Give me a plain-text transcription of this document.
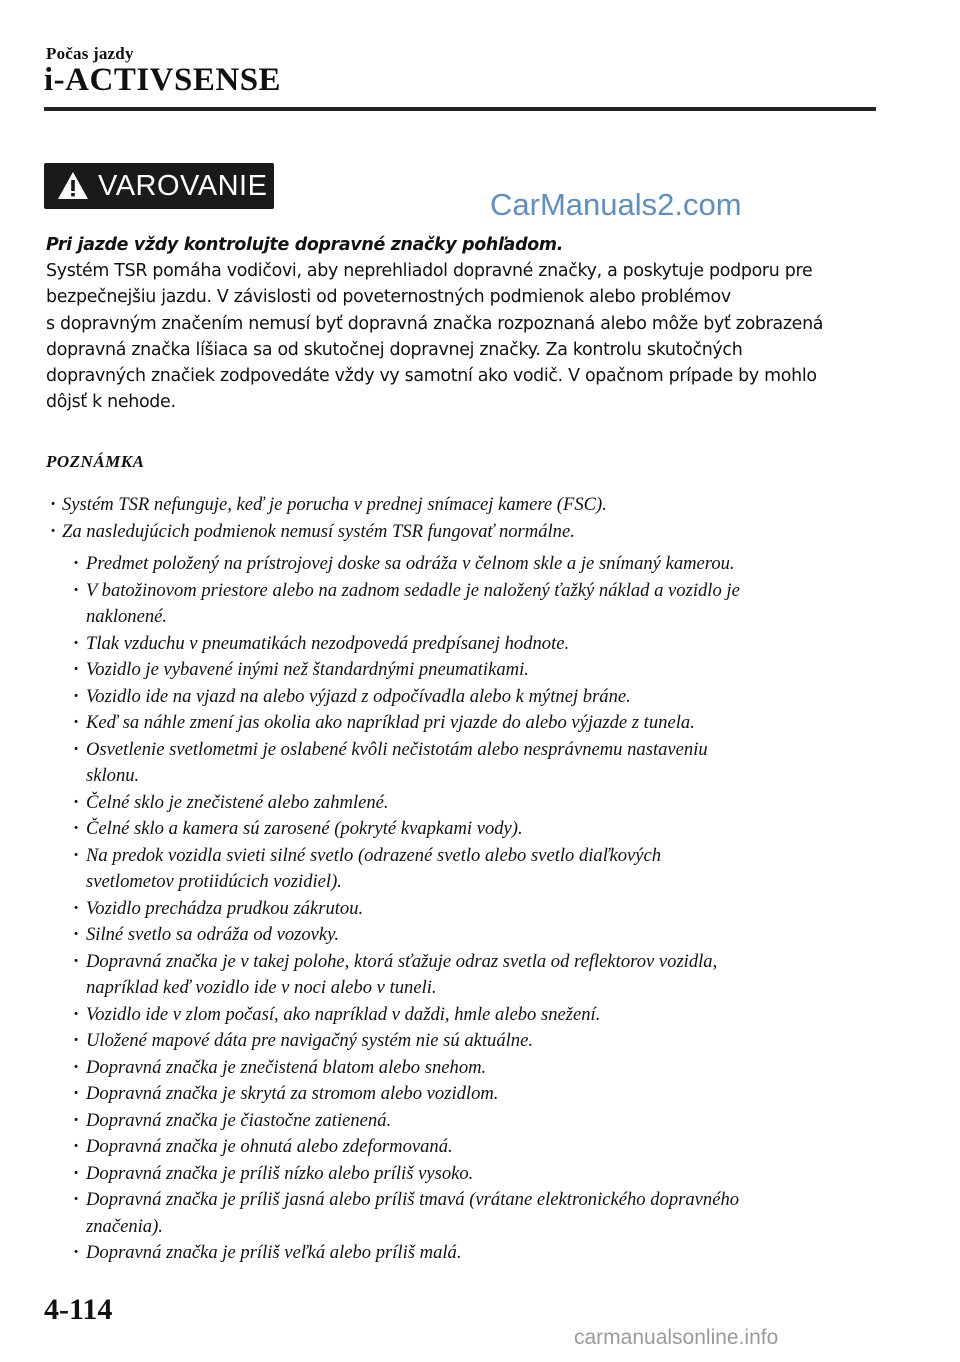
Počas jazdy
i-ACTIVSENSE
VAROVANIE
CarManuals2.com

Pri jazde vždy kontrolujte dopravné značky pohľadom.

Systém TSR pomáha vodičovi, aby neprehliadol dopravné značky, a poskytuje podporu pre

bezpečnejšiu jazdu. V závislosti od poveternostných podmienok alebo problémov

s dopravným značením nemusí byť dopravná značka rozpoznaná alebo môže byť zobrazená

dopravná značka líšiaca sa od skutočnej dopravnej značky. Za kontrolu skutočných

dopravných značiek zodpovedáte vždy vy samotní ako vodič. V opačnom prípade by mohlo

dôjsť k nehode.

POZNÁMKA
· Systém TSR nefunguje, keď je porucha v prednej snímacej kamere (FSC).
· Za nasledujúcich podmienok nemusí systém TSR fungovať normálne.
· Predmet položený na prístrojovej doske sa odráža v čelnom skle a je snímaný kamerou.
· V batožinovom priestore alebo na zadnom sedadle je naložený ťažký náklad a vozidlo je
naklonené.
· Tlak vzduchu v pneumatikách nezodpovedá predpísanej hodnote.
· Vozidlo je vybavené inými než štandardnými pneumatikami.
· Vozidlo ide na vjazd na alebo výjazd z odpočívadla alebo k mýtnej bráne.
· Keď sa náhle zmení jas okolia ako napríklad pri vjazde do alebo výjazde z tunela.
· Osvetlenie svetlometmi je oslabené kvôli nečistotám alebo nesprávnemu nastaveniu
sklonu.
· Čelné sklo je znečistené alebo zahmlené.
· Čelné sklo a kamera sú zarosené (pokryté kvapkami vody).
· Na predok vozidla svieti silné svetlo (odrazené svetlo alebo svetlo diaľkových
svetlometov protiidúcich vozidiel).
· Vozidlo prechádza prudkou zákrutou.
· Silné svetlo sa odráža od vozovky.
· Dopravná značka je v takej polohe, ktorá sťažuje odraz svetla od reflektorov vozidla,
napríklad keď vozidlo ide v noci alebo v tuneli.
· Vozidlo ide v zlom počasí, ako napríklad v daždi, hmle alebo snežení.
· Uložené mapové dáta pre navigačný systém nie sú aktuálne.
· Dopravná značka je znečistená blatom alebo snehom.
· Dopravná značka je skrytá za stromom alebo vozidlom.
· Dopravná značka je čiastočne zatienená.
· Dopravná značka je ohnutá alebo zdeformovaná.
· Dopravná značka je príliš nízko alebo príliš vysoko.
· Dopravná značka je príliš jasná alebo príliš tmavá (vrátane elektronického dopravného
značenia).
· Dopravná značka je príliš veľká alebo príliš malá.
4-114
carmanualsonline.info
